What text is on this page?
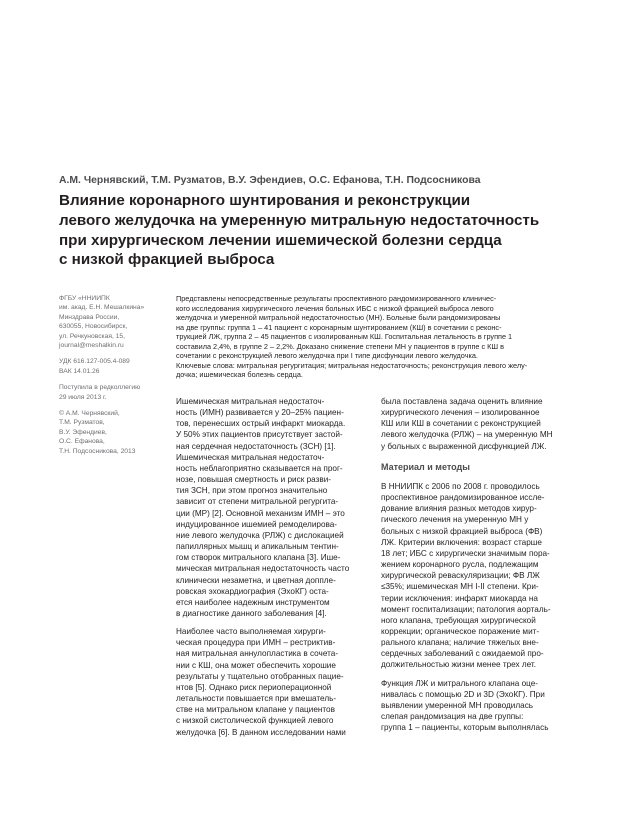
А.М. Чернявский, Т.М. Рузматов, В.У. Эфендиев, О.С. Ефанова, Т.Н. Подсосникова
Влияние коронарного шунтирования и реконструкции
левого желудочка на умеренную митральную недостаточность
при хирургическом лечении ишемической болезни сердца
с низкой фракцией выброса
ФГБУ «ННИИПК
им. акад. Е.Н. Мешалкина»
Минздрава России,
630055, Новосибирск,
ул. Речкуновская, 15,
journal@meshalkin.ru
УДК 616.127-005.4-089
ВАК 14.01.26
Поступила в редколлегию
29 июля 2013 г.
© А.М. Чернявский,
Т.М. Рузматов,
В.У. Эфендиев,
О.С. Ефанова,
Т.Н. Подсосникова, 2013
Представлены непосредственные результаты проспективного рандомизированного клиничес-
кого исследования хирургического лечения больных ИБС с низкой фракцией выброса левого
желудочка и умеренной митральной недостаточностью (МН). Больные были рандомизированы
на две группы: группа 1 – 41 пациент с коронарным шунтированием (КШ) в сочетании с реконс-
трукцией ЛЖ, группа 2 – 45 пациентов с изолированным КШ. Госпитальная летальность в группе 1
составила 2,4%, в группе 2 – 2,2%. Доказано снижение степени МН у пациентов в группе с КШ в
сочетании с реконструкцией левого желудочка при I типе дисфункции левого желудочка.
Ключевые слова: митральная регургитация; митральная недостаточность; реконструкция левого желу-
дочка; ишемическая болезнь сердца.
Ишемическая митральная недостаточ-
ность (ИМН) развивается у 20–25% пациен-
тов, перенесших острый инфаркт миокарда.
У 50% этих пациентов присутствует застой-
ная сердечная недостаточность (ЗСН) [1].
Ишемическая митральная недостаточ-
ность неблагоприятно сказывается на прог-
нозе, повышая смертность и риск разви-
тия ЗСН, при этом прогноз значительно
зависит от степени митральной регургита-
ции (МР) [2]. Основной механизм ИМН – это
индуцированное ишемией ремоделирова-
ние левого желудочка (РЛЖ) с дислокацией
папиллярных мышц и апикальным тентин-
гом створок митрального клапана [3]. Ише-
мическая митральная недостаточность часто
клинически незаметна, и цветная допплe-
ровская эхокардиография (ЭхоКГ) оста-
ется наиболее надежным инструментом
в диагностике данного заболевания [4].
Наиболее часто выполняемая хирурги-
ческая процедура при ИМН – рестриктив-
ная митральная аннулопластика в сочета-
нии с КШ, она может обеспечить хорошие
результаты у тщательно отобранных пацие-
нтов [5]. Однако риск периоперационной
летальности повышается при вмешатель-
стве на митральном клапане у пациентов
с низкой систолической функцией левого
желудочка [6]. В данном исследовании нами
была поставлена задача оценить влияние
хирургического лечения – изолированное
КШ или КШ в сочетании с реконструкцией
левого желудочка (РЛЖ) – на умеренную МН
у больных с выраженной дисфункцией ЛЖ.
Материал и методы
В ННИИПК с 2006 по 2008 г. проводилось
проспективное рандомизированное иссле-
дование влияния разных методов хирур-
гического лечения на умеренную МН у
больных с низкой фракцией выброса (ФВ)
ЛЖ. Критерии включения: возраст старше
18 лет; ИБС с хирургически значимым пора-
жением коронарного русла, подлежащим
хирургической реваскуляризации; ФВ ЛЖ
≤35%; ишемическая МН I-II степени. Кри-
терии исключения: инфаркт миокарда на
момент госпитализации; патология аорталь-
ного клапана, требующая хирургической
коррекции; органическое поражение мит-
рального клапана; наличие тяжелых вне-
сердечных заболеваний с ожидаемой про-
должительностью жизни менее трех лет.
Функция ЛЖ и митрального клапана оце-
нивалась с помощью 2D и 3D (ЭхоКГ). При
выявлении умеренной МН проводилась
слепая рандомизация на две группы:
группа 1 – пациенты, которым выполнялась
